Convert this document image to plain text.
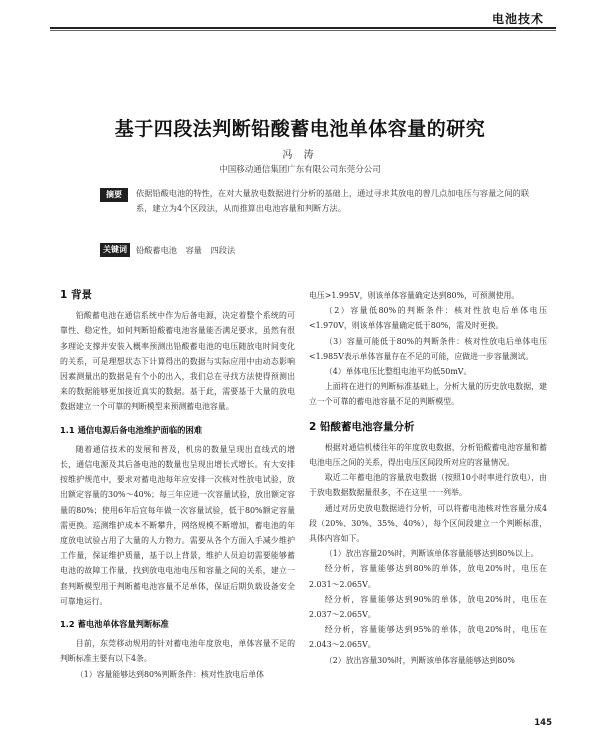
电池技术
基于四段法判断铅酸蓄电池单体容量的研究
冯 涛
中国移动通信集团广东有限公司东莞分公司
摘要	依据铅酸电池的特性，在对大量放电数据进行分析的基础上，通过寻求其放电的曾几点加电压与容量之间的联系，建立为4个区段法，从而推算出电池容量和判断方法。
关键词	铅酸蓄电池 容量 四段法
1 背景

铅酸蓄电池在通信系统中作为后备电源，决定着整个系统的可靠性、稳定性，如何判断铅酸蓄电池容量能否满足要求，虽然有很多理论支撑并安装入概率预测出铅酸蓄电池的电压随放电时间变化的关系，可是理想状态下计算得出的数据与实际应用中由动态影响因素测量出的数据是有个小的出入，我们总在寻找方法使得预测出来的数据能够更加接近真实的数据。基于此，需要基于大量的放电数据建立一个可靠的判断模型来预测蓄电池容量。

1.1 通信电源后备电池维护面临的困难

随着通信技术的发展和普及，机房的数量呈现出直线式的增长，通信电源及其后备电池的数量也呈现出增长式增长。有大安排按维护规范中，要求对蓄电池每年应安排一次核对性放电试验，放出额定容量的30%～40%；每三年应进一次容量试验，放出额定容量的80%；使用6年后宜每年做一次容量试验，低于80%额定容量需更换。巡测维护成本不断攀升，网络规模不断增加，蓄电池的年度放电试验占用了大量的人力物力。需要从各个方面入手减少维护工作量，保证维护质量，基于以上背景，维护人员迫切需要能够蓄电池的故障工作量，找到放电电池电压和容量之间的关系，建立一套判断模型用于判断蓄电池容量不足单体，保证后期负载设备安全可靠地运行。

1.2 蓄电池单体容量判断标准

目前，东莞移动规用的针对蓄电池年度放电，单体容量不足的判断标准主要有以下4条。

（1）容量能够达到80%判断条件：核对性放电后单体

电压>1.995V，则该单体容量确定达到80%，可预测使用。

（2）容量低80%的判断条件：核对性放电后单体电压<1.970V，则该单体容量确定低于80%，需及时更换。

（3）容量可能低于80%的判断条件：核对性放电后单体电压<1.985V表示单体容量存在不足的可能，应做进一步容量测试。

（4）单体电压比整组电池平均低50mV。

上面将在进行的判断标准基础上，分析大量的历史放电数据，建立一个可靠的蓄电池容量不足的判断模型。

2 铅酸蓄电池容量分析

根据对通信机楼往年的年度放电数据，分析铅酸蓄电池容量和蓄电池电压之间的关系，得出电压区间段所对应的容量情况。

取近二年蓄电池的容量放电数据（按照10小时率进行放电），由于放电数据数据量很多，不在这里一一列举。

通过对历史放电数据进行分析，可以将蓄电池核对性容量分成4段（20%、30%、35%、40%），每个区间段建立一个判断标准，具体内容如下。

（1）放出容量20%时，判断该单体容量能够达到80%以上。

经分析，容量能够达到80%的单体，放电20%时，电压在2.031～2.065V。

经分析，容量能够达到90%的单体，放电20%时，电压在2.037～2.065V。

经分析，容量能够达到95%的单体，放电20%时，电压在2.043～2.065V。

（2）放出容量30%时，判断该单体容量能够达到80%

145
